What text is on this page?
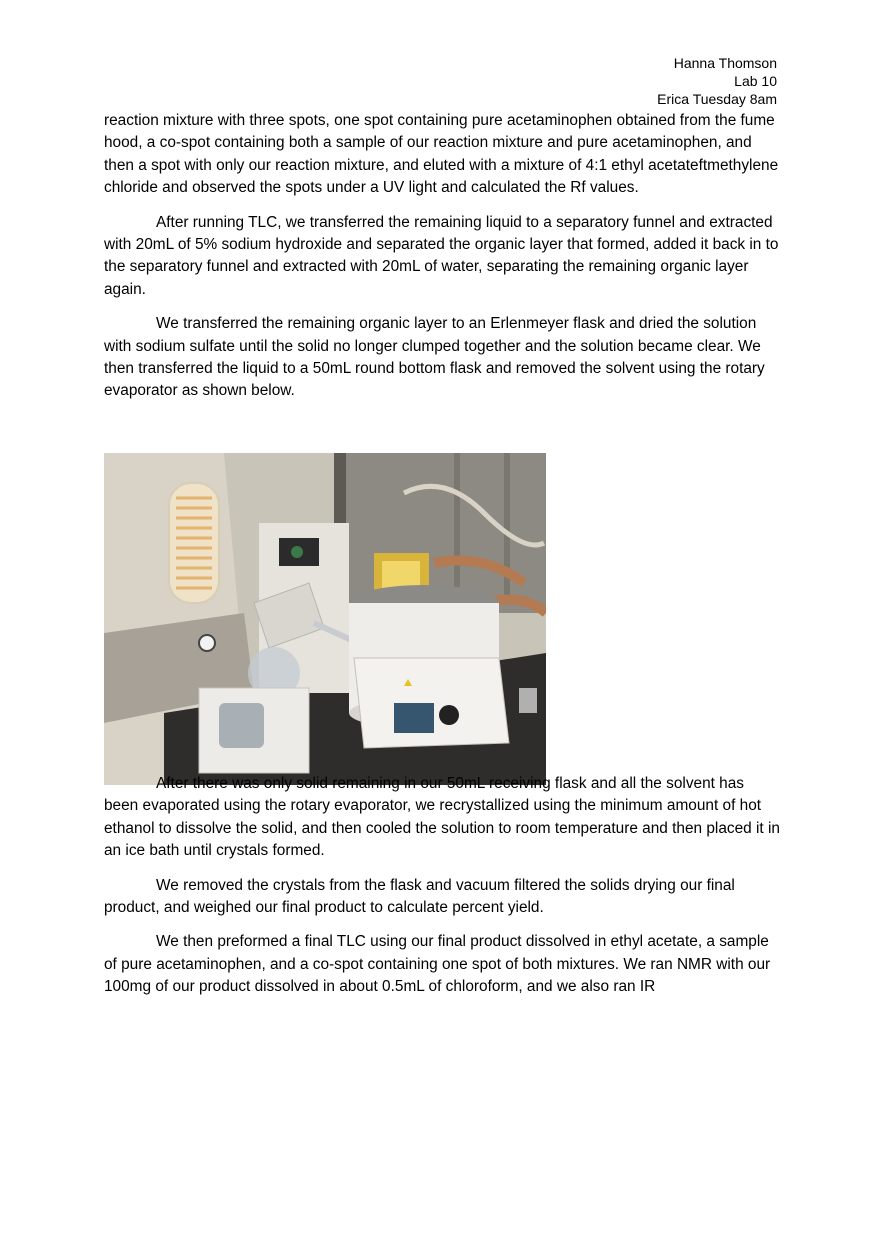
Hanna Thomson
Lab 10
Erica Tuesday 8am

reaction mixture with three spots, one spot containing pure acetaminophen obtained from the fume hood, a co-spot containing both a sample of our reaction mixture and pure acetaminophen, and then a spot with only our reaction mixture, and eluted with a mixture of 4:1 ethyl acetateftmethylene chloride and observed the spots under a UV light and calculated the Rf values.

After running TLC, we transferred the remaining liquid to a separatory funnel and extracted with 20mL of 5% sodium hydroxide and separated the organic layer that formed, added it back in to the separatory funnel and extracted with 20mL of water, separating the remaining organic layer again.

We transferred the remaining organic layer to an Erlenmeyer flask and dried the solution with sodium sulfate until the solid no longer clumped together and the solution became clear. We then transferred the liquid to a 50mL round bottom flask and removed the solvent using the rotary evaporator as shown below.

After there was only solid remaining in our 50mL receiving flask and all the solvent has been evaporated using the rotary evaporator, we recrystallized using the minimum amount of hot ethanol to dissolve the solid, and then cooled the solution to room temperature and then placed it in an ice bath until crystals formed.

We removed the crystals from the flask and vacuum filtered the solids drying our final product, and weighed our final product to calculate percent yield.

We then preformed a final TLC using our final product dissolved in ethyl acetate, a sample of pure acetaminophen, and a co-spot containing one spot of both mixtures. We ran NMR with our 100mg of our product dissolved in about 0.5mL of chloroform, and we also ran IR
